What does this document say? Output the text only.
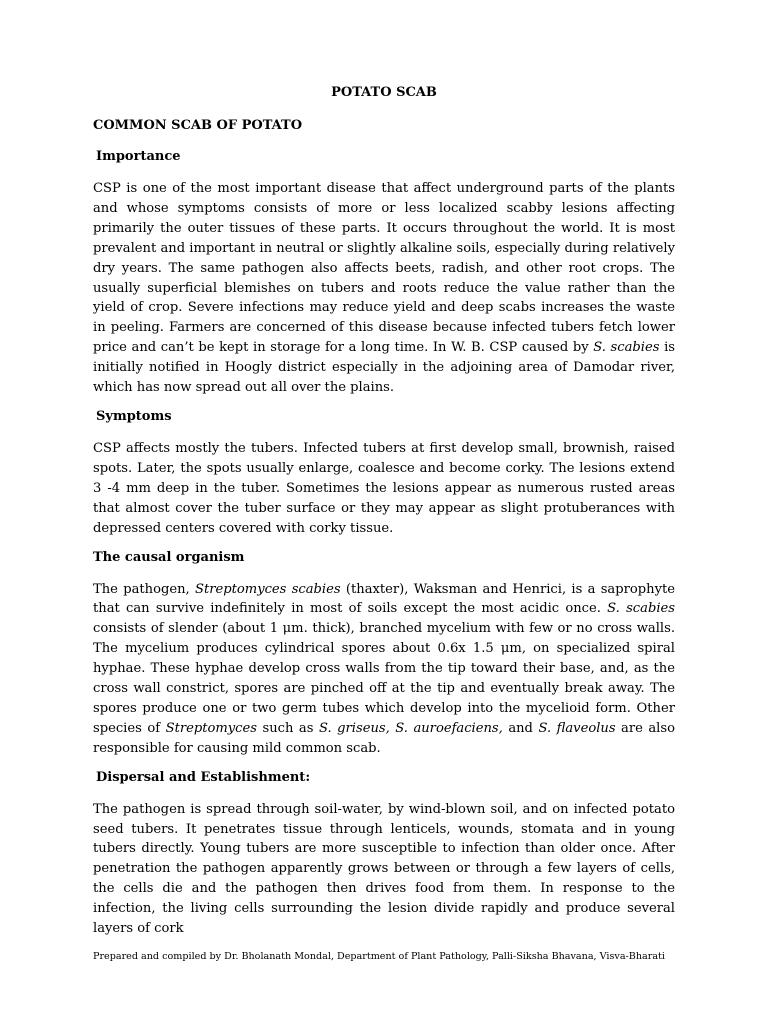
POTATO SCAB
COMMON SCAB OF POTATO
Importance

CSP is one of the most important disease that affect underground parts of the plants and whose symptoms consists of more or less localized scabby lesions affecting primarily the outer tissues of these parts. It occurs throughout the world. It is most prevalent and important in neutral or slightly alkaline soils, especially during relatively dry years. The same pathogen also affects beets, radish, and other root crops. The usually superficial blemishes on tubers and roots reduce the value rather than the yield of crop. Severe infections may reduce yield and deep scabs increases the waste in peeling. Farmers are concerned of this disease because infected tubers fetch lower price and can’t be kept in storage for a long time. In W. B. CSP caused by S. scabies is initially notified in Hoogly district especially in the adjoining area of Damodar river, which has now spread out all over the plains.

Symptoms

CSP affects mostly the tubers. Infected tubers at first develop small, brownish, raised spots. Later, the spots usually enlarge, coalesce and become corky. The lesions extend 3 -4 mm deep in the tuber. Sometimes the lesions appear as numerous rusted areas that almost cover the tuber surface or they may appear as slight protuberances with depressed centers covered with corky tissue.

The causal organism

The pathogen, Streptomyces scabies (thaxter), Waksman and Henrici, is a saprophyte that can survive indefinitely in most of soils except the most acidic once. S. scabies consists of slender (about 1 μm. thick), branched mycelium with few or no cross walls. The mycelium produces cylindrical spores about 0.6x 1.5 μm, on specialized spiral hyphae. These hyphae develop cross walls from the tip toward their base, and, as the cross wall constrict, spores are pinched off at the tip and eventually break away. The spores produce one or two germ tubes which develop into the mycelioid form. Other species of Streptomyces such as S. griseus, S. auroefaciens, and S. flaveolus are also responsible for causing mild common scab.

Dispersal and Establishment:

The pathogen is spread through soil-water, by wind-blown soil, and on infected potato seed tubers. It penetrates tissue through lenticels, wounds, stomata and in young tubers directly. Young tubers are more susceptible to infection than older once. After penetration the pathogen apparently grows between or through a few layers of cells, the cells die and the pathogen then drives food from them. In response to the infection, the living cells surrounding the lesion divide rapidly and produce several layers of cork

Prepared and compiled by Dr. Bholanath Mondal, Department of Plant Pathology, Palli-Siksha Bhavana, Visva-Bharati
